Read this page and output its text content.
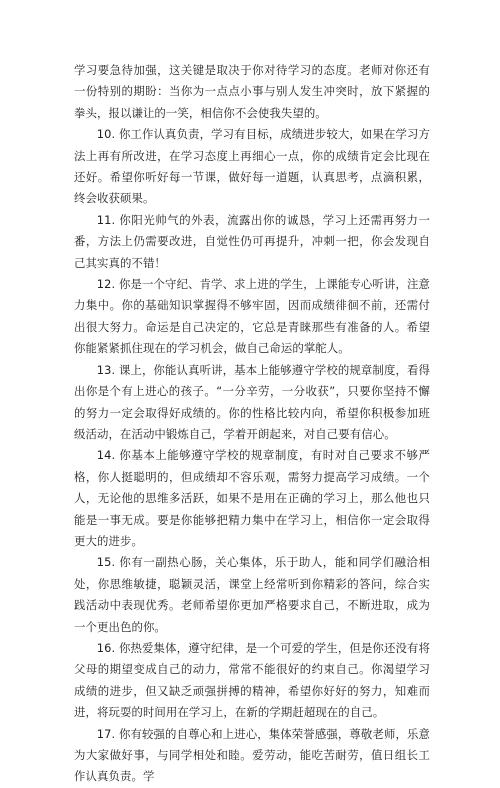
学习要急待加强，这关键是取决于你对待学习的态度。老师对你还有一份特别的期盼：当你为一点点小事与别人发生冲突时，放下紧握的拳头，报以谦让的一笑，相信你不会使我失望的。

10. 你工作认真负责，学习有目标，成绩进步较大，如果在学习方法上再有所改进，在学习态度上再细心一点，你的成绩肯定会比现在还好。希望你听好每一节课，做好每一道题，认真思考，点滴积累，终会收获硕果。

11. 你阳光帅气的外表，流露出你的诚恳，学习上还需再努力一番，方法上仍需要改进，自觉性仍可再提升，冲刺一把，你会发现自己其实真的不错！

12. 你是一个守纪、肯学、求上进的学生，上课能专心听讲，注意力集中。你的基础知识掌握得不够牢固，因而成绩徘徊不前，还需付出很大努力。命运是自己决定的，它总是青睐那些有准备的人。希望你能紧紧抓住现在的学习机会，做自己命运的掌舵人。

13. 课上，你能认真听讲，基本上能够遵守学校的规章制度，看得出你是个有上进心的孩子。“一分辛劳，一分收获”，只要你坚持不懈的努力一定会取得好成绩的。你的性格比较内向，希望你积极参加班级活动，在活动中锻炼自己，学着开朗起来，对自己要有信心。

14. 你基本上能够遵守学校的规章制度，有时对自己要求不够严格，你人挺聪明的，但成绩却不容乐观，需努力提高学习成绩。一个人，无论他的思维多活跃，如果不是用在正确的学习上，那么他也只能是一事无成。要是你能够把精力集中在学习上，相信你一定会取得更大的进步。

15. 你有一副热心肠，关心集体，乐于助人，能和同学们融洽相处，你思维敏捷，聪颖灵活，课堂上经常听到你精彩的答问，综合实践活动中表现优秀。老师希望你更加严格要求自己，不断进取，成为一个更出色的你。

16. 你热爱集体，遵守纪律，是一个可爱的学生，但是你还没有将父母的期望变成自己的动力，常常不能很好的约束自己。你渴望学习成绩的进步，但又缺乏顽强拼搏的精神，希望你好好的努力，知难而进，将玩耍的时间用在学习上，在新的学期赶超现在的自己。

17. 你有较强的自尊心和上进心，集体荣誉感强，尊敬老师，乐意为大家做好事，与同学相处和睦。爱劳动，能吃苦耐劳，值日组长工作认真负责。学
